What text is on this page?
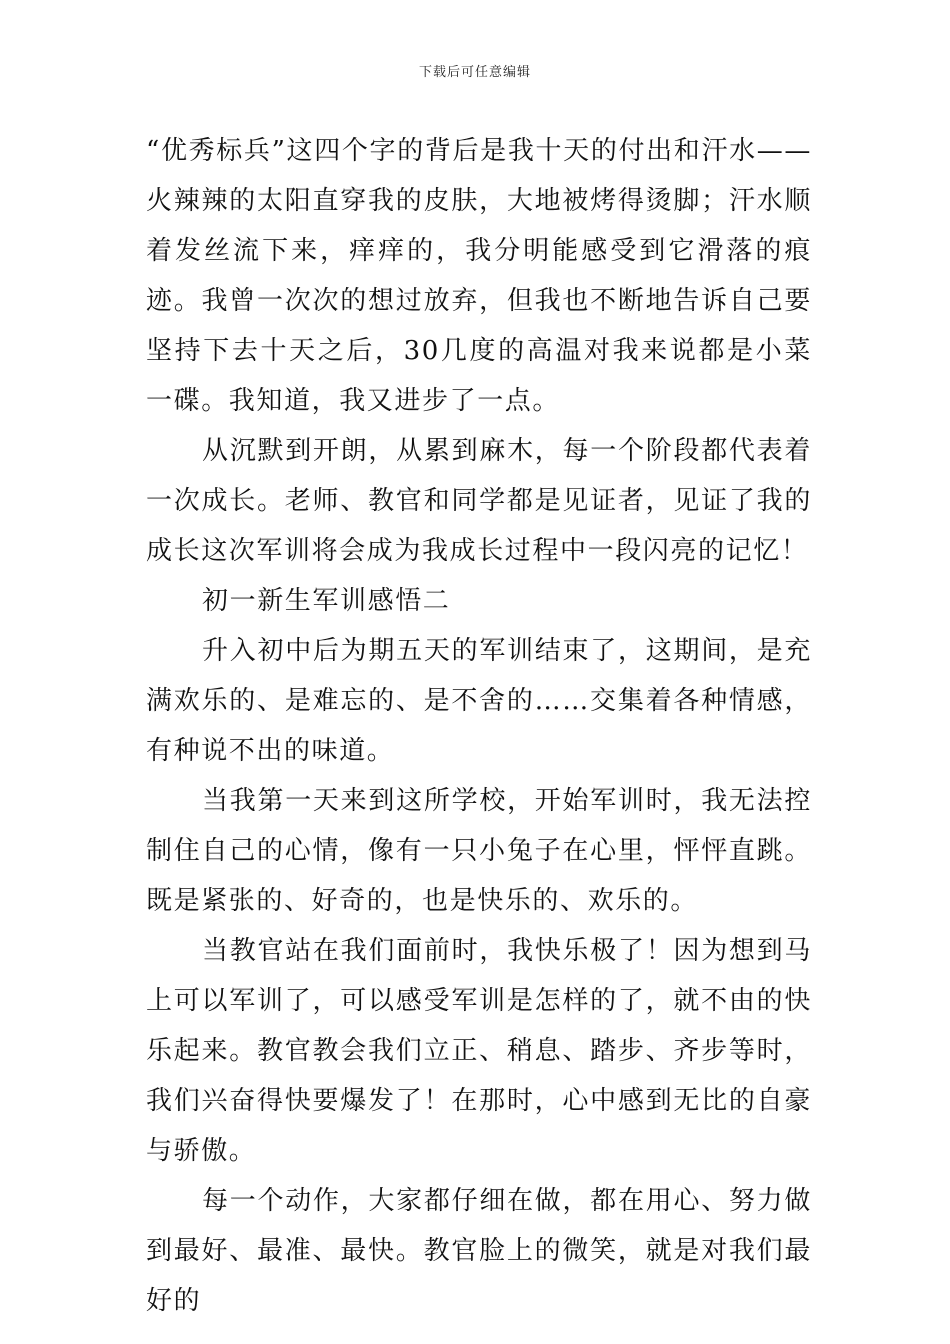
下载后可任意编辑

“优秀标兵”这四个字的背后是我十天的付出和汗水——火辣辣的太阳直穿我的皮肤，大地被烤得烫脚；汗水顺着发丝流下来，痒痒的，我分明能感受到它滑落的痕迹。我曾一次次的想过放弃，但我也不断地告诉自己要坚持下去十天之后，30几度的高温对我来说都是小菜一碟。我知道，我又进步了一点。

从沉默到开朗，从累到麻木，每一个阶段都代表着一次成长。老师、教官和同学都是见证者，见证了我的成长这次军训将会成为我成长过程中一段闪亮的记忆！

初一新生军训感悟二

升入初中后为期五天的军训结束了，这期间，是充满欢乐的、是难忘的、是不舍的……交集着各种情感，有种说不出的味道。

当我第一天来到这所学校，开始军训时，我无法控制住自己的心情，像有一只小兔子在心里，怦怦直跳。既是紧张的、好奇的，也是快乐的、欢乐的。

当教官站在我们面前时，我快乐极了！因为想到马上可以军训了，可以感受军训是怎样的了，就不由的快乐起来。教官教会我们立正、稍息、踏步、齐步等时，我们兴奋得快要爆发了！在那时，心中感到无比的自豪与骄傲。

每一个动作，大家都仔细在做，都在用心、努力做到最好、最准、最快。教官脸上的微笑，就是对我们最好的
